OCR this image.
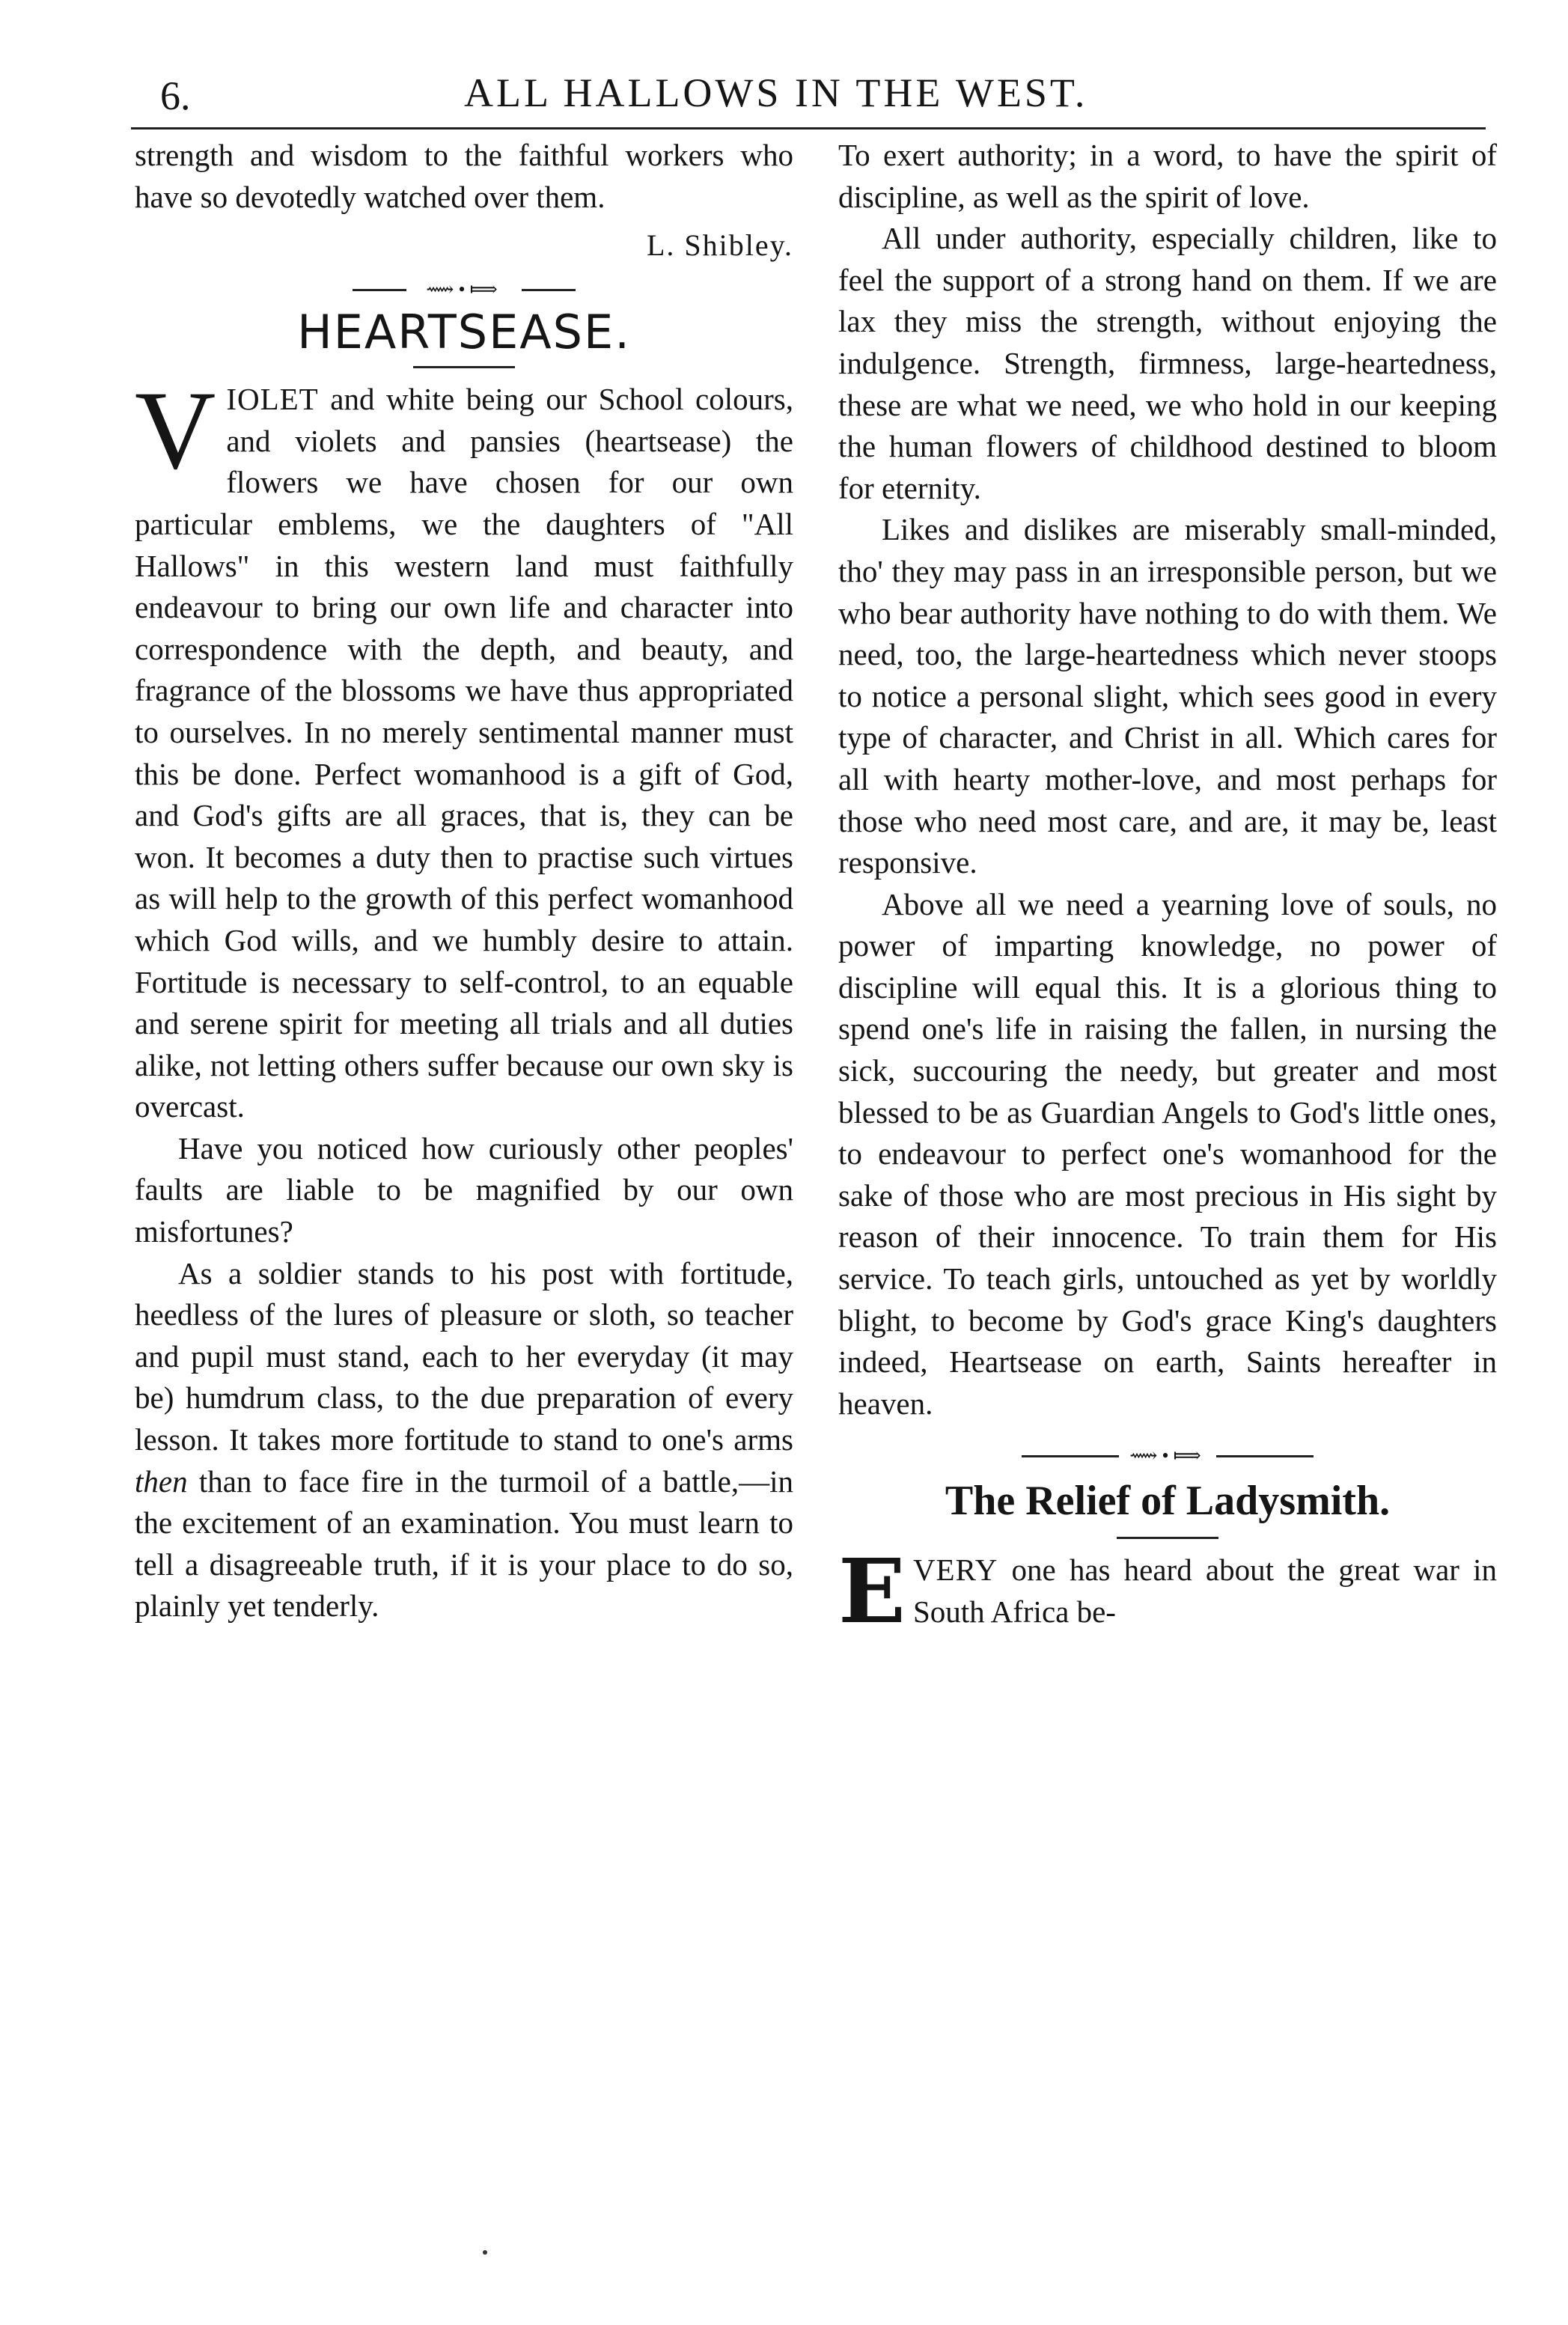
6.	ALL HALLOWS IN THE WEST.

strength and wisdom to the faithful workers who have so devotedly watched over them.

L. Shibley.
⟿•⟾
HEARTSEASE.

VIOLET and white being our School colours, and violets and pansies (heartsease) the flowers we have chosen for our own particular emblems, we the daughters of "All Hallows" in this western land must faithfully endeavour to bring our own life and character into correspondence with the depth, and beauty, and fragrance of the blossoms we have thus appropriated to ourselves. In no merely sentimental manner must this be done. Perfect womanhood is a gift of God, and God's gifts are all graces, that is, they can be won. It becomes a duty then to practise such virtues as will help to the growth of this perfect womanhood which God wills, and we humbly desire to attain. Fortitude is necessary to self-control, to an equable and serene spirit for meeting all trials and all duties alike, not letting others suffer because our own sky is overcast.

Have you noticed how curiously other peoples' faults are liable to be magnified by our own misfortunes?

As a soldier stands to his post with fortitude, heedless of the lures of pleasure or sloth, so teacher and pupil must stand, each to her everyday (it may be) humdrum class, to the due preparation of every lesson. It takes more fortitude to stand to one's arms then than to face fire in the turmoil of a battle,—in the excitement of an examination. You must learn to tell a disagreeable truth, if it is your place to do so, plainly yet tenderly.

To exert authority; in a word, to have the spirit of discipline, as well as the spirit of love.

All under authority, especially children, like to feel the support of a strong hand on them. If we are lax they miss the strength, without enjoying the indulgence. Strength, firmness, large-heartedness, these are what we need, we who hold in our keeping the human flowers of childhood destined to bloom for eternity.

Likes and dislikes are miserably small-minded, tho' they may pass in an irresponsible person, but we who bear authority have nothing to do with them. We need, too, the large-heartedness which never stoops to notice a personal slight, which sees good in every type of character, and Christ in all. Which cares for all with hearty mother-love, and most perhaps for those who need most care, and are, it may be, least responsive.

Above all we need a yearning love of souls, no power of imparting knowledge, no power of discipline will equal this. It is a glorious thing to spend one's life in raising the fallen, in nursing the sick, succouring the needy, but greater and most blessed to be as Guardian Angels to God's little ones, to endeavour to perfect one's womanhood for the sake of those who are most precious in His sight by reason of their innocence. To train them for His service. To teach girls, untouched as yet by worldly blight, to become by God's grace King's daughters indeed, Heartsease on earth, Saints hereafter in heaven.

⟿•⟾
The Relief of Ladysmith.

EVERY one has heard about the great war in South Africa be-
